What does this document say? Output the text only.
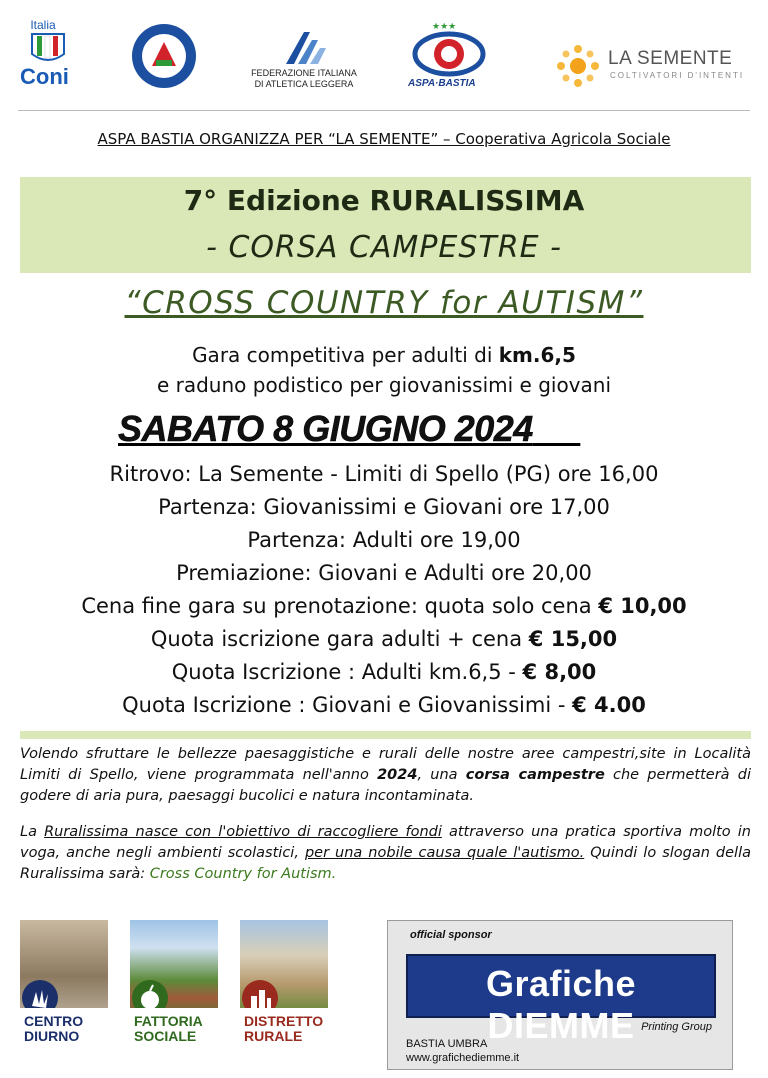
Italia
Coni	FEDERAZIONE ITALIANA
DI ATLETICA LEGGERA
★★★
ASPA·BASTIA
LA SEMENTE
COLTIVATORI D'INTENTI
ASPA BASTIA ORGANIZZA PER “LA SEMENTE” – Cooperativa Agricola Sociale
7° Edizione RURALISSIMA
- CORSA CAMPESTRE -
“CROSS COUNTRY for AUTISM”
Gara competitiva per adulti di km.6,5
e raduno podistico per giovanissimi e giovani
SABATO 8 GIUGNO 2024
Ritrovo: La Semente - Limiti di Spello (PG) ore 16,00
Partenza: Giovanissimi e Giovani ore 17,00
Partenza: Adulti ore 19,00
Premiazione: Giovani e Adulti ore 20,00
Cena fine gara su prenotazione: quota solo cena € 10,00
Quota iscrizione gara adulti + cena € 15,00
Quota Iscrizione : Adulti km.6,5 - € 8,00
Quota Iscrizione : Giovani e Giovanissimi - € 4.00
Volendo sfruttare le bellezze paesaggistiche e rurali delle nostre aree campestri,site in Località Limiti di Spello, viene programmata nell'anno 2024, una corsa campestre che permetterà di godere di aria pura, paesaggi bucolici e natura incontaminata.
La Ruralissima nasce con l'obiettivo di raccogliere fondi attraverso una pratica sportiva molto in voga, anche negli ambienti scolastici, per una nobile causa quale l'autismo. Quindi lo slogan della Ruralissima sarà: Cross Country for Autism.
CENTRO
DIURNO
FATTORIA
SOCIALE
DISTRETTO
RURALE
official sponsor
Grafiche DIEMME Printing Group
BASTIA UMBRA
www.grafichediemme.it
